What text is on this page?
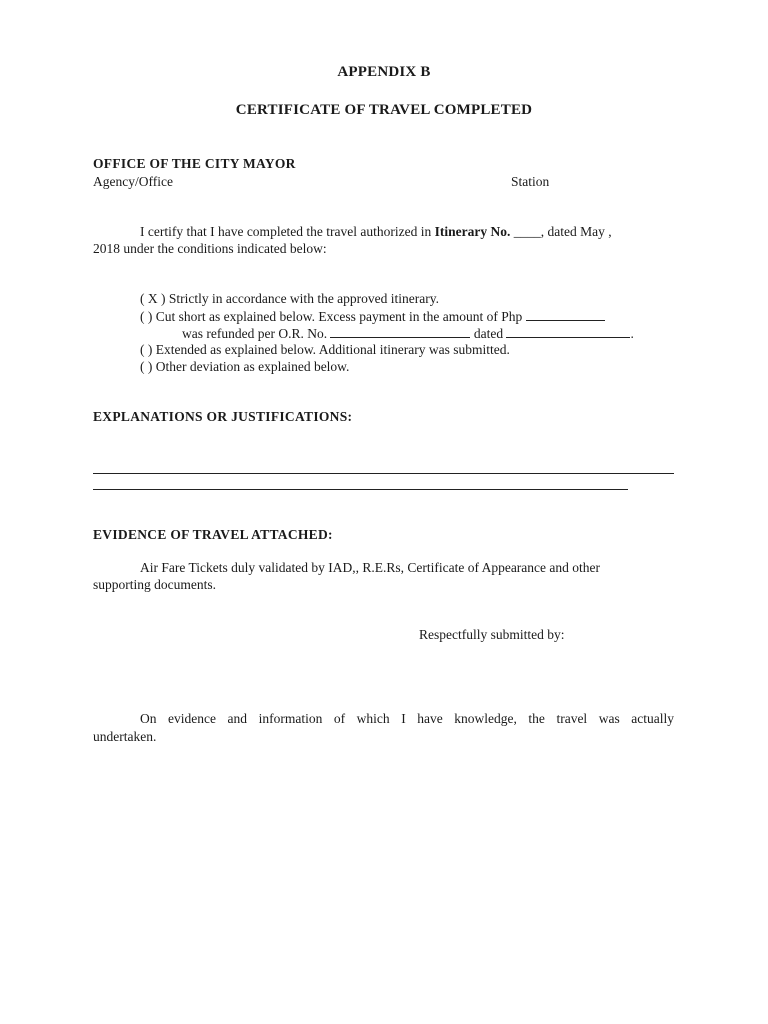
APPENDIX B
CERTIFICATE OF TRAVEL COMPLETED
OFFICE OF THE CITY MAYOR
Agency/Office	Station
I certify that I have completed the travel authorized in Itinerary No. ____, dated May ,
2018 under the conditions indicated below:
( X ) Strictly in accordance with the approved itinerary.
( ) Cut short as explained below. Excess payment in the amount of Php
was refunded per O.R. No.	dated	.
( ) Extended as explained below. Additional itinerary was submitted.
( ) Other deviation as explained below.
EXPLANATIONS OR JUSTIFICATIONS:
EVIDENCE OF TRAVEL ATTACHED:
Air Fare Tickets duly validated by IAD,, R.E.Rs, Certificate of Appearance and other
supporting documents.
Respectfully submitted by:
On evidence and information of which I have knowledge, the travel was actually
undertaken.
